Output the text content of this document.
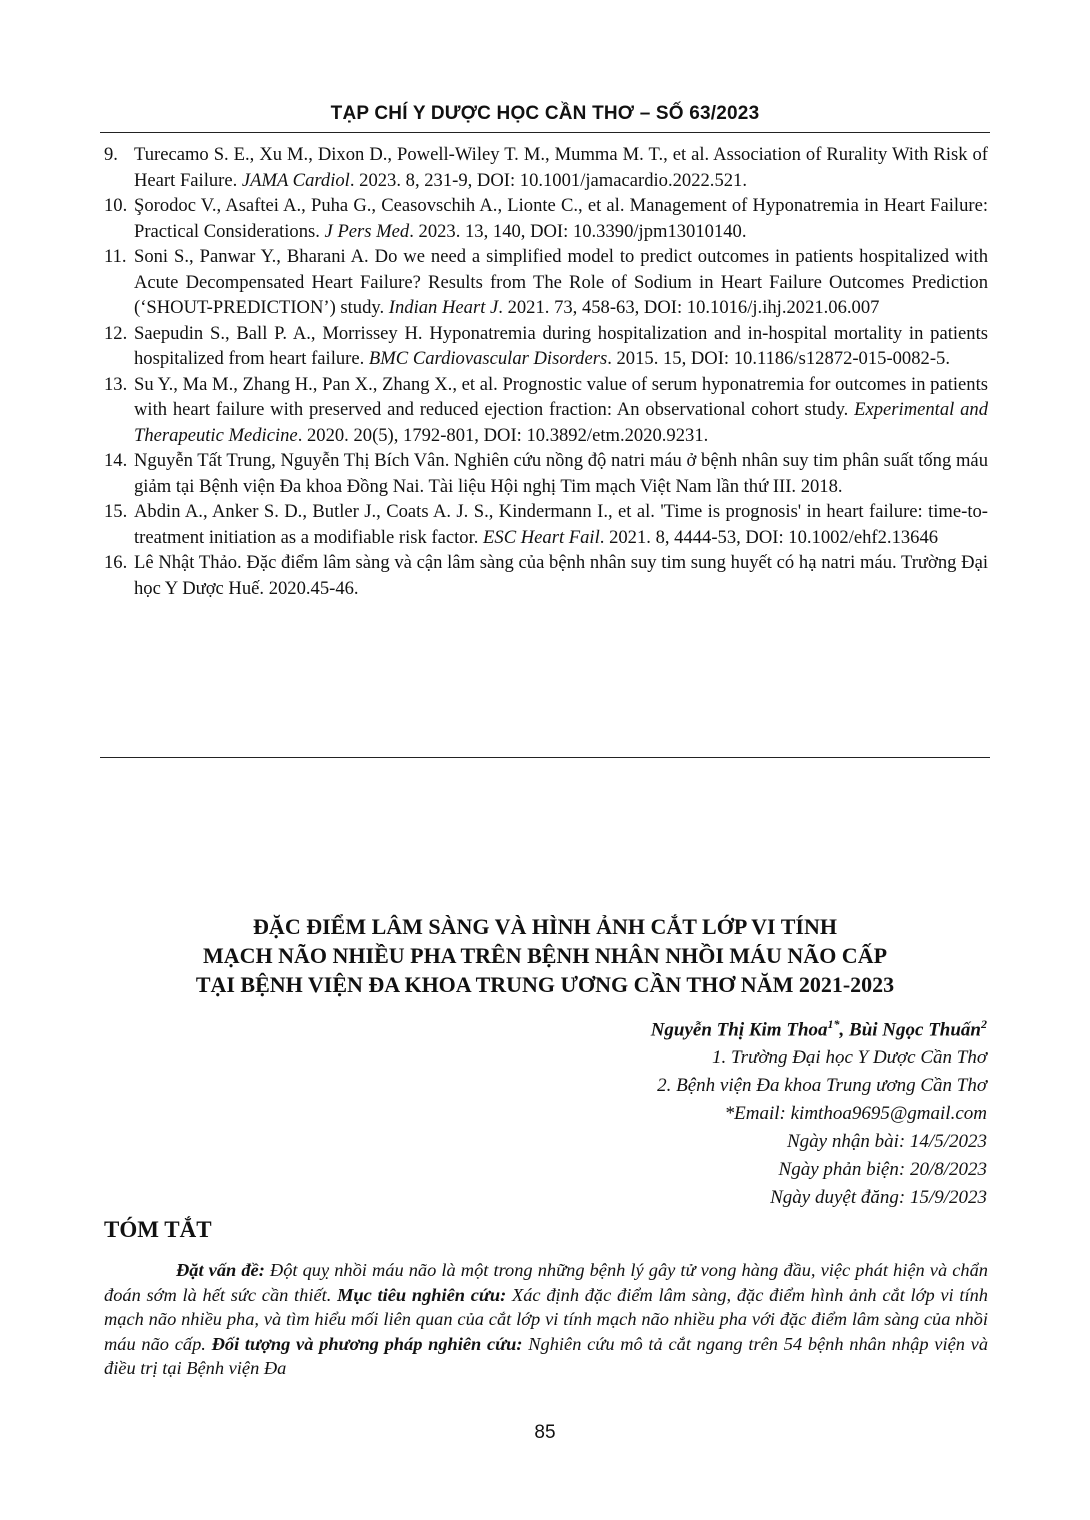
TẠP CHÍ Y DƯỢC HỌC CẦN THƠ – SỐ 63/2023
9. Turecamo S. E., Xu M., Dixon D., Powell-Wiley T. M., Mumma M. T., et al. Association of Rurality With Risk of Heart Failure. JAMA Cardiol. 2023. 8, 231-9, DOI: 10.1001/jamacardio.2022.521.
10. Şorodoc V., Asaftei A., Puha G., Ceasovschih A., Lionte C., et al. Management of Hyponatremia in Heart Failure: Practical Considerations. J Pers Med. 2023. 13, 140, DOI: 10.3390/jpm13010140.
11. Soni S., Panwar Y., Bharani A. Do we need a simplified model to predict outcomes in patients hospitalized with Acute Decompensated Heart Failure? Results from The Role of Sodium in Heart Failure Outcomes Prediction (‘SHOUT-PREDICTION’) study. Indian Heart J. 2021. 73, 458-63, DOI: 10.1016/j.ihj.2021.06.007
12. Saepudin S., Ball P. A., Morrissey H. Hyponatremia during hospitalization and in-hospital mortality in patients hospitalized from heart failure. BMC Cardiovascular Disorders. 2015. 15, DOI: 10.1186/s12872-015-0082-5.
13. Su Y., Ma M., Zhang H., Pan X., Zhang X., et al. Prognostic value of serum hyponatremia for outcomes in patients with heart failure with preserved and reduced ejection fraction: An observational cohort study. Experimental and Therapeutic Medicine. 2020. 20(5), 1792-801, DOI: 10.3892/etm.2020.9231.
14. Nguyễn Tất Trung, Nguyễn Thị Bích Vân. Nghiên cứu nồng độ natri máu ở bệnh nhân suy tim phân suất tống máu giảm tại Bệnh viện Đa khoa Đồng Nai. Tài liệu Hội nghị Tim mạch Việt Nam lần thứ III. 2018.
15. Abdin A., Anker S. D., Butler J., Coats A. J. S., Kindermann I., et al. 'Time is prognosis' in heart failure: time-to-treatment initiation as a modifiable risk factor. ESC Heart Fail. 2021. 8, 4444-53, DOI: 10.1002/ehf2.13646
16. Lê Nhật Thảo. Đặc điểm lâm sàng và cận lâm sàng của bệnh nhân suy tim sung huyết có hạ natri máu. Trường Đại học Y Dược Huế. 2020.45-46.
ĐẶC ĐIỂM LÂM SÀNG VÀ HÌNH ẢNH CẮT LỚP VI TÍNH
MẠCH NÃO NHIỀU PHA TRÊN BỆNH NHÂN NHỒI MÁU NÃO CẤP
TẠI BỆNH VIỆN ĐA KHOA TRUNG ƯƠNG CẦN THƠ NĂM 2021-2023
Nguyễn Thị Kim Thoa$^{1*}$, Bùi Ngọc Thuấn$^2$
1. Trường Đại học Y Dược Cần Thơ
2. Bệnh viện Đa khoa Trung ương Cần Thơ
*Email: kimthoa9695@gmail.com
Ngày nhận bài: 14/5/2023
Ngày phản biện: 20/8/2023
Ngày duyệt đăng: 15/9/2023
TÓM TẮT
Đặt vấn đề: Đột quỵ nhồi máu não là một trong những bệnh lý gây tử vong hàng đầu, việc phát hiện và chẩn đoán sớm là hết sức cần thiết. Mục tiêu nghiên cứu: Xác định đặc điểm lâm sàng, đặc điểm hình ảnh cắt lớp vi tính mạch não nhiều pha, và tìm hiểu mối liên quan của cắt lớp vi tính mạch não nhiều pha với đặc điểm lâm sàng của nhồi máu não cấp. Đối tượng và phương pháp nghiên cứu: Nghiên cứu mô tả cắt ngang trên 54 bệnh nhân nhập viện và điều trị tại Bệnh viện Đa
85
